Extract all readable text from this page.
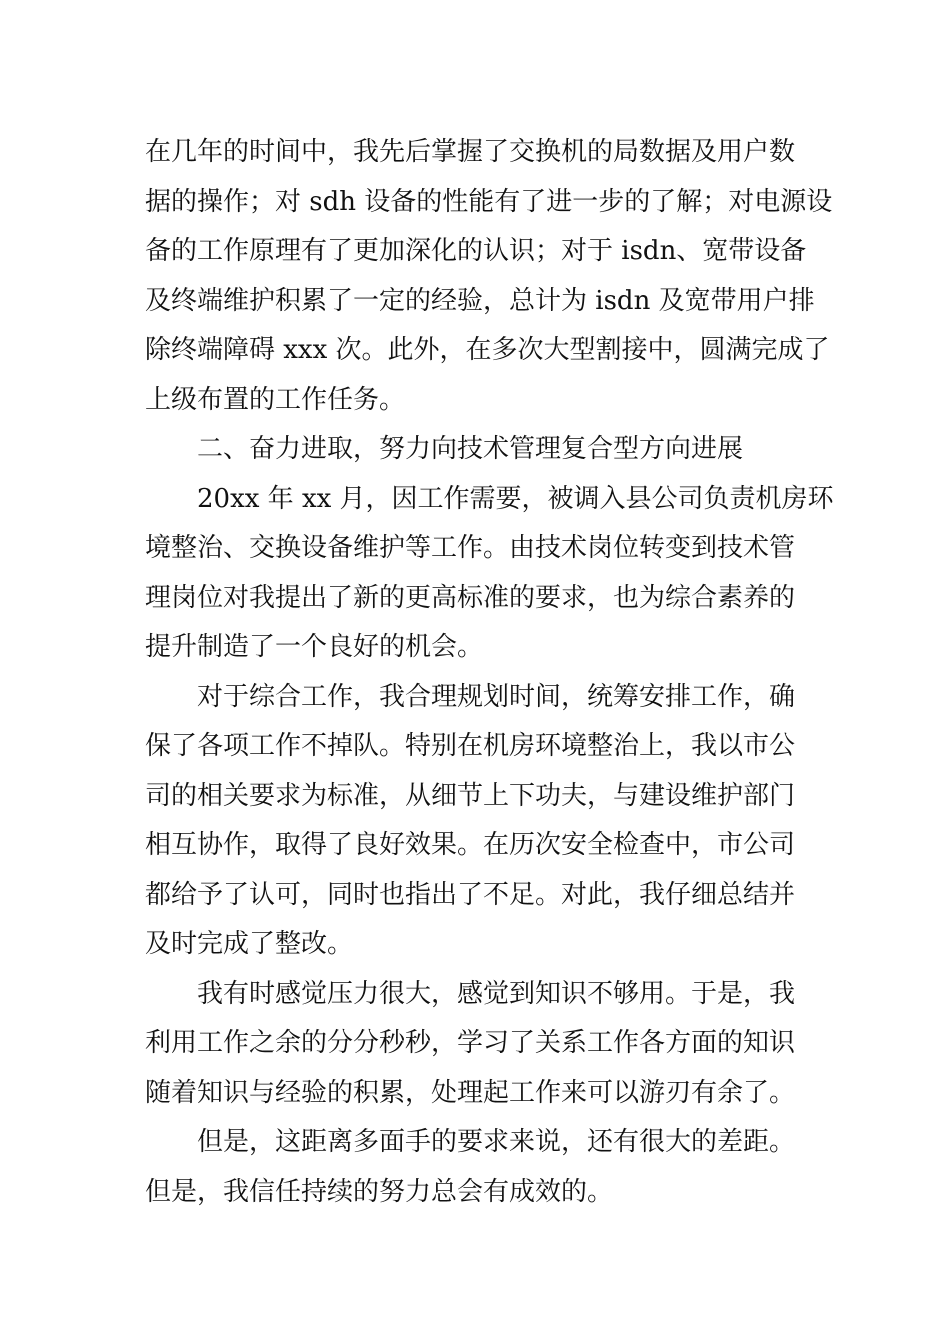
在几年的时间中，我先后掌握了交换机的局数据及用户数
据的操作；对 sdh 设备的性能有了进一步的了解；对电源设
备的工作原理有了更加深化的认识；对于 isdn、宽带设备
及终端维护积累了一定的经验，总计为 isdn 及宽带用户排
除终端障碍 xxx 次。此外，在多次大型割接中，圆满完成了
上级布置的工作任务。
二、奋力进取，努力向技术管理复合型方向进展
20xx 年 xx 月，因工作需要，被调入县公司负责机房环
境整治、交换设备维护等工作。由技术岗位转变到技术管
理岗位对我提出了新的更高标准的要求，也为综合素养的
提升制造了一个良好的机会。
对于综合工作，我合理规划时间，统筹安排工作，确
保了各项工作不掉队。特别在机房环境整治上，我以市公
司的相关要求为标准，从细节上下功夫，与建设维护部门
相互协作，取得了良好效果。在历次安全检查中，市公司
都给予了认可，同时也指出了不足。对此，我仔细总结并
及时完成了整改。
我有时感觉压力很大，感觉到知识不够用。于是，我
利用工作之余的分分秒秒，学习了关系工作各方面的知识
随着知识与经验的积累，处理起工作来可以游刃有余了。
但是，这距离多面手的要求来说，还有很大的差距。
但是，我信任持续的努力总会有成效的。
